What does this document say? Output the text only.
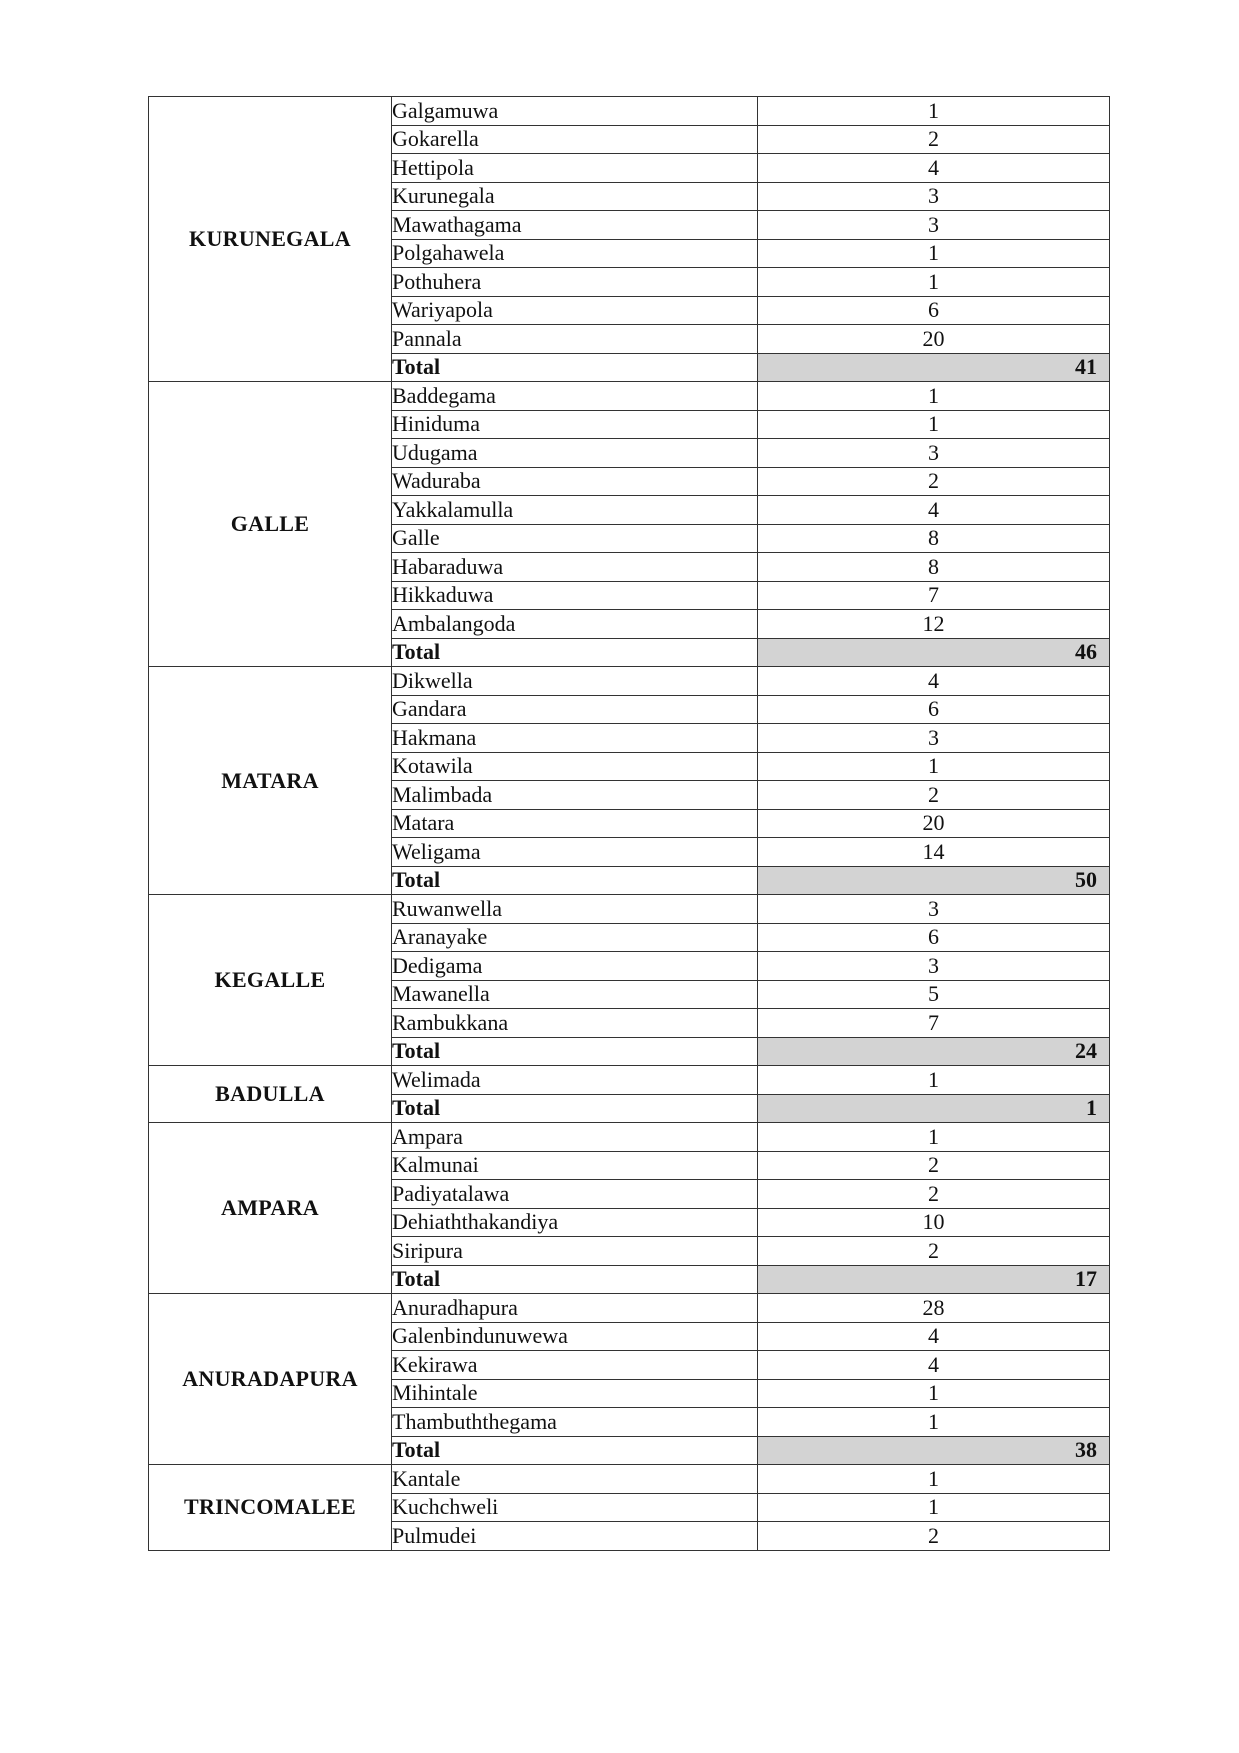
KURUNEGALA	Galgamuwa	1
	Gokarella	2
	Hettipola	4
	Kurunegala	3
	Mawathagama	3
	Polgahawela	1
	Pothuhera	1
	Wariyapola	6
	Pannala	20
	Total	41
GALLE	Baddegama	1
	Hiniduma	1
	Udugama	3
	Waduraba	2
	Yakkalamulla	4
	Galle	8
	Habaraduwa	8
	Hikkaduwa	7
	Ambalangoda	12
	Total	46
MATARA	Dikwella	4
	Gandara	6
	Hakmana	3
	Kotawila	1
	Malimbada	2
	Matara	20
	Weligama	14
	Total	50
KEGALLE	Ruwanwella	3
	Aranayake	6
	Dedigama	3
	Mawanella	5
	Rambukkana	7
	Total	24
BADULLA	Welimada	1
	Total	1
AMPARA	Ampara	1
	Kalmunai	2
	Padiyatalawa	2
	Dehiaththakandiya	10
	Siripura	2
	Total	17
ANURADAPURA	Anuradhapura	28
	Galenbindunuwewa	4
	Kekirawa	4
	Mihintale	1
	Thambuththegama	1
	Total	38
TRINCOMALEE	Kantale	1
	Kuchchweli	1
	Pulmudei	2
